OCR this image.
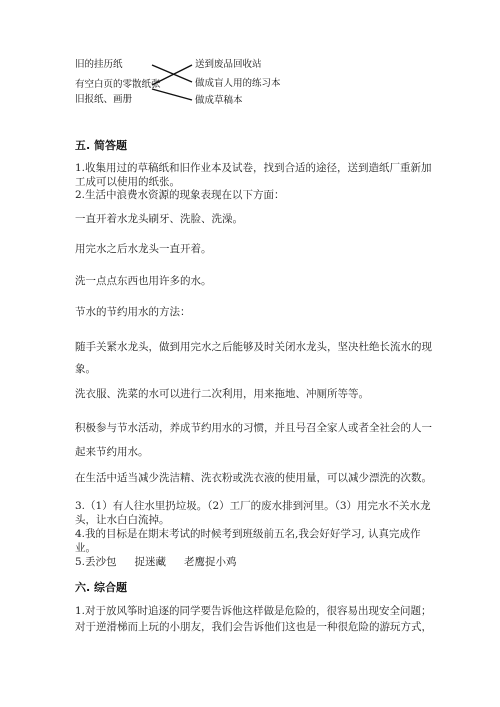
旧的挂历纸
有空白页的零散纸张
旧报纸、画册
送到废品回收站
做成盲人用的练习本
做成草稿本
五. 简答题
1.收集用过的草稿纸和旧作业本及试卷，找到合适的途径，送到造纸厂重新加
工成可以使用的纸张。
2.生活中浪费水资源的现象表现在以下方面：
一直开着水龙头刷牙、洗脸、洗澡。
用完水之后水龙头一直开着。
洗一点点东西也用许多的水。
节水的节约用水的方法：
随手关紧水龙头，做到用完水之后能够及时关闭水龙头，坚决杜绝长流水的现
象。
洗衣服、洗菜的水可以进行二次利用，用来拖地、冲厕所等等。
积极参与节水活动，养成节约用水的习惯，并且号召全家人或者全社会的人一
起来节约用水。
在生活中适当减少洗洁精、洗衣粉或洗衣液的使用量，可以减少漂洗的次数。
3.（1）有人往水里扔垃圾。（2）工厂的废水排到河里。（3）用完水不关水龙
头，让水白白流掉。
4.我的目标是在期末考试的时候考到班级前五名,我会好好学习, 认真完成作
业。
5.丢沙包 捉迷藏 老鹰捉小鸡
六. 综合题
1.对于放风筝时追逐的同学要告诉他这样做是危险的，很容易出现安全问题；
对于逆滑梯而上玩的小朋友，我们会告诉他们这也是一种很危险的游玩方式，
